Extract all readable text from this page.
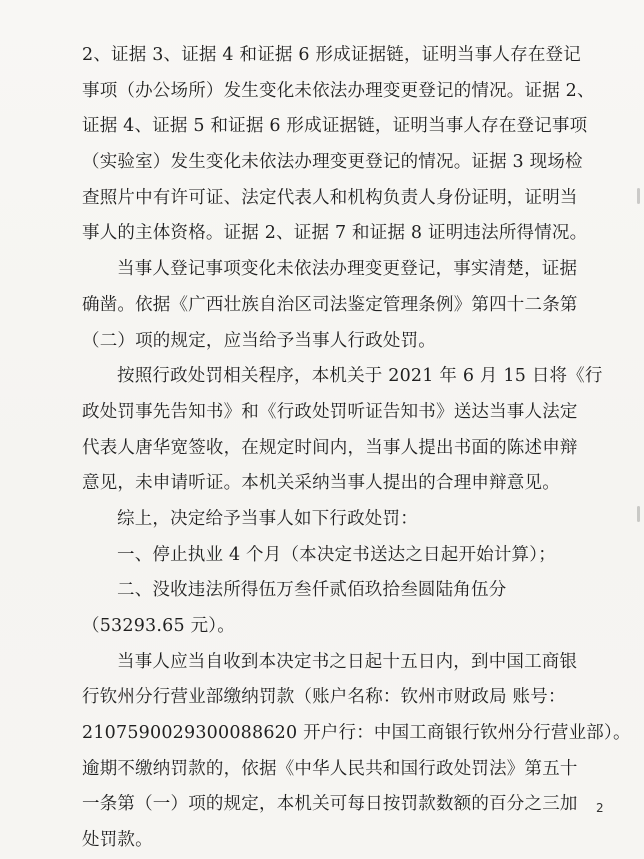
2、证据 3、证据 4 和证据 6 形成证据链，证明当事人存在登记
事项（办公场所）发生变化未依法办理变更登记的情况。证据 2、
证据 4、证据 5 和证据 6 形成证据链，证明当事人存在登记事项
（实验室）发生变化未依法办理变更登记的情况。证据 3 现场检
查照片中有许可证、法定代表人和机构负责人身份证明，证明当
事人的主体资格。证据 2、证据 7 和证据 8 证明违法所得情况。
当事人登记事项变化未依法办理变更登记，事实清楚，证据
确凿。依据《广西壮族自治区司法鉴定管理条例》第四十二条第
（二）项的规定，应当给予当事人行政处罚。
按照行政处罚相关程序，本机关于 2021 年 6 月 15 日将《行
政处罚事先告知书》和《行政处罚听证告知书》送达当事人法定
代表人唐华宽签收，在规定时间内，当事人提出书面的陈述申辩
意见，未申请听证。本机关采纳当事人提出的合理申辩意见。
综上，决定给予当事人如下行政处罚：
一、停止执业 4 个月（本决定书送达之日起开始计算）；
二、没收违法所得伍万叁仟贰佰玖拾叁圆陆角伍分
（53293.65 元）。
当事人应当自收到本决定书之日起十五日内，到中国工商银
行钦州分行营业部缴纳罚款（账户名称：钦州市财政局 账号：
2107590029300088620 开户行：中国工商银行钦州分行营业部）。
逾期不缴纳罚款的，依据《中华人民共和国行政处罚法》第五十
一条第（一）项的规定，本机关可每日按罚款数额的百分之三加
处罚款。
2
